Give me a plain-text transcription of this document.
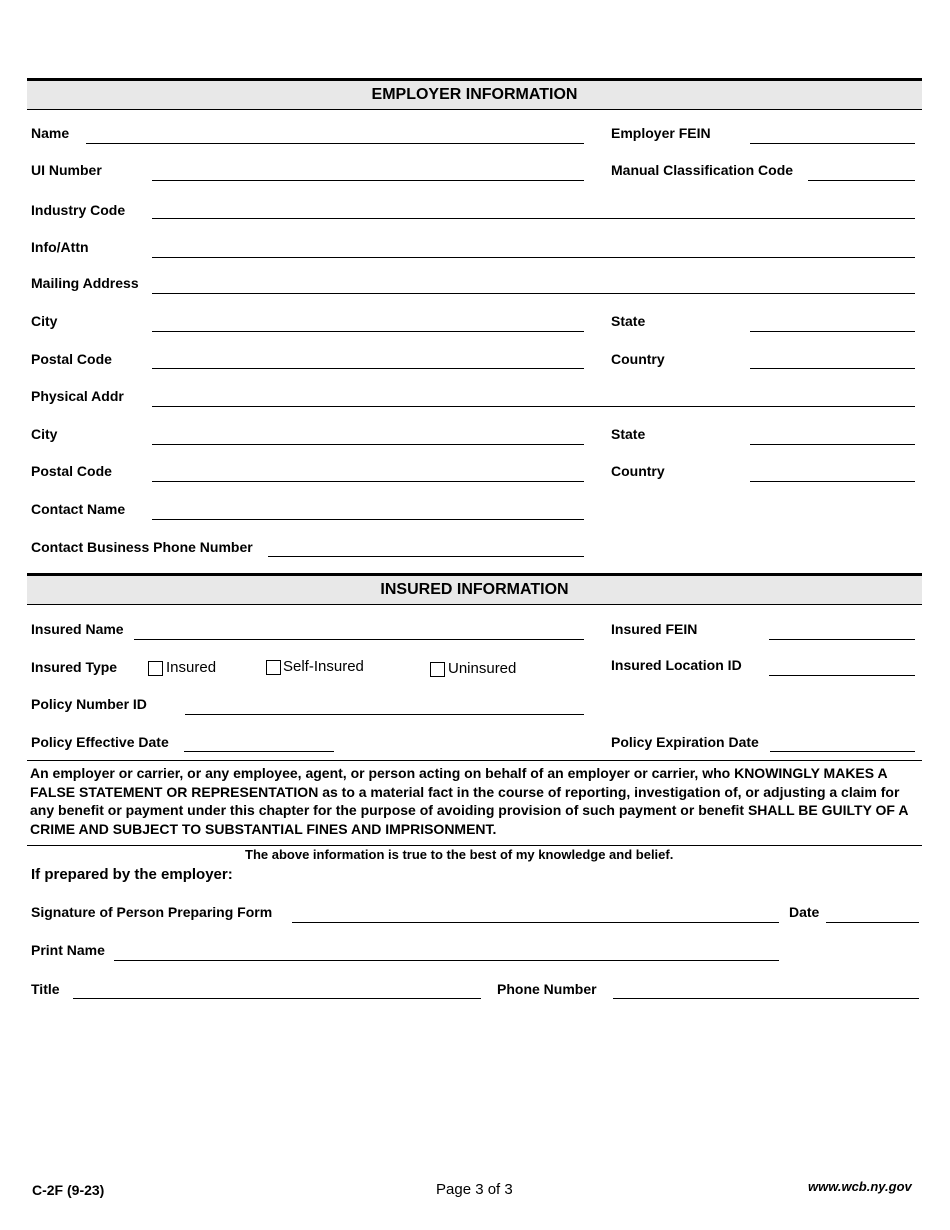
EMPLOYER INFORMATION
Name	Employer FEIN
UI Number	Manual Classification Code
Industry Code
Info/Attn
Mailing Address
City	State
Postal Code	Country
Physical Addr
City	State
Postal Code	Country
Contact Name
Contact Business Phone Number
INSURED INFORMATION
Insured Name	Insured FEIN
Insured Type	Insured	Self-Insured	Uninsured	Insured Location ID
Policy Number ID
Policy Effective Date	Policy Expiration Date
An employer or carrier, or any employee, agent, or person acting on behalf of an employer or carrier, who KNOWINGLY MAKES A FALSE STATEMENT OR REPRESENTATION as to a material fact in the course of reporting, investigation of, or adjusting a claim for any benefit or payment under this chapter for the purpose of avoiding provision of such payment or benefit SHALL BE GUILTY OF A CRIME AND SUBJECT TO SUBSTANTIAL FINES AND IMPRISONMENT.
The above information is true to the best of my knowledge and belief.
If prepared by the employer:
Signature of Person Preparing Form	Date
Print Name
Title	Phone Number
C-2F (9-23)	Page 3 of 3	www.wcb.ny.gov
